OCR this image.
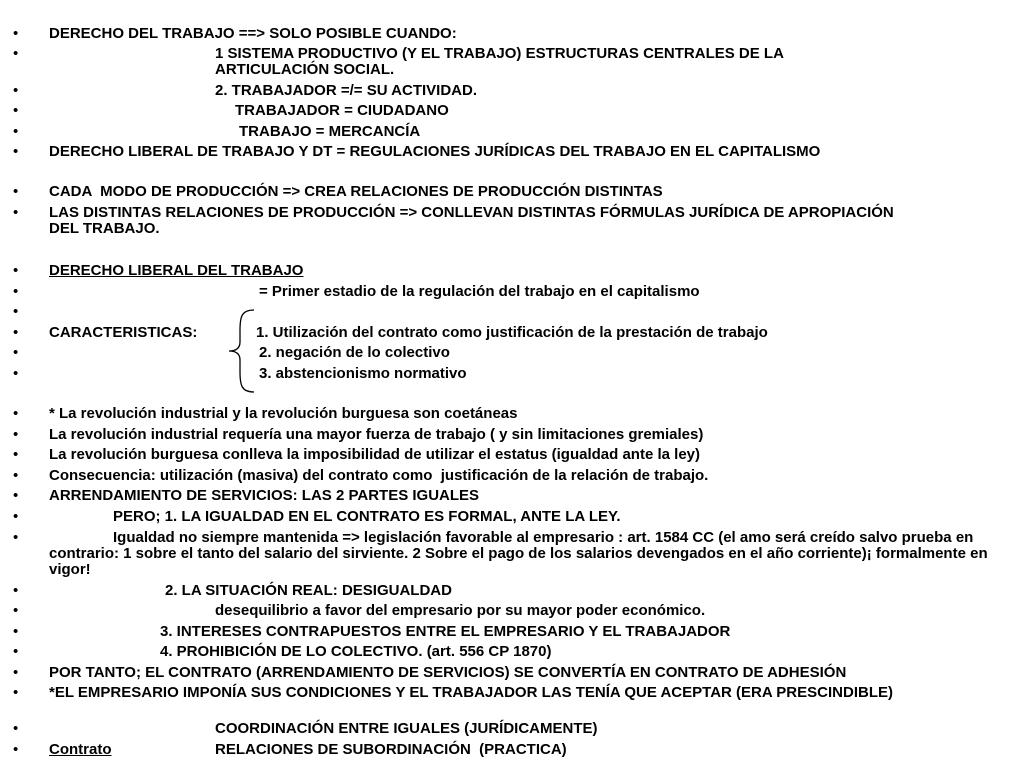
• DERECHO DEL TRABAJO ==> SOLO POSIBLE CUANDO:
•	1 SISTEMA PRODUCTIVO (Y EL TRABAJO) ESTRUCTURAS CENTRALES DE LA ARTICULACIÓN SOCIAL.
•	2. TRABAJADOR =/= SU ACTIVIDAD.
•	TRABAJADOR = CIUDADANO
•	TRABAJO = MERCANCÍA
• DERECHO LIBERAL DE TRABAJO Y DT = REGULACIONES JURÍDICAS DEL TRABAJO EN EL CAPITALISMO
• CADA  MODO DE PRODUCCIÓN => CREA RELACIONES DE PRODUCCIÓN DISTINTAS
• LAS DISTINTAS RELACIONES DE PRODUCCIÓN => CONLLEVAN DISTINTAS FÓRMULAS JURÍDICA DE APROPIACIÓN DEL TRABAJO.
• DERECHO LIBERAL DEL TRABAJO
•	= Primer estadio de la regulación del trabajo en el capitalismo
•
• CARACTERISTICAS:	1. Utilización del contrato como justificación de la prestación de trabajo
•	2. negación de lo colectivo
•	3. abstencionismo normativo
• * La revolución industrial y la revolución burguesa son coetáneas
• La revolución industrial requería una mayor fuerza de trabajo ( y sin limitaciones gremiales)
• La revolución burguesa conlleva la imposibilidad de utilizar el estatus (igualdad ante la ley)
• Consecuencia: utilización (masiva) del contrato como  justificación de la relación de trabajo.
• ARRENDAMIENTO DE SERVICIOS: LAS 2 PARTES IGUALES
•	PERO; 1. LA IGUALDAD EN EL CONTRATO ES FORMAL, ANTE LA LEY.
•	Igualdad no siempre mantenida => legislación favorable al empresario : art. 1584 CC (el amo será creído salvo prueba en contrario: 1 sobre el tanto del salario del sirviente. 2 Sobre el pago de los salarios devengados en el año corriente)¡ formalmente en vigor!
•	2. LA SITUACIÓN REAL: DESIGUALDAD
•	desequilibrio a favor del empresario por su mayor poder económico.
•	3. INTERESES CONTRAPUESTOS ENTRE EL EMPRESARIO Y EL TRABAJADOR
•	4. PROHIBICIÓN DE LO COLECTIVO. (art. 556 CP 1870)
• POR TANTO; EL CONTRATO (ARRENDAMIENTO DE SERVICIOS) SE CONVERTÍA EN CONTRATO DE ADHESIÓN
• *EL EMPRESARIO IMPONÍA SUS CONDICIONES Y EL TRABAJADOR LAS TENÍA QUE ACEPTAR (ERA PRESCINDIBLE)
•	COORDINACIÓN ENTRE IGUALES (JURÍDICAMENTE)
• Contrato	RELACIONES DE SUBORDINACIÓN  (PRACTICA)
